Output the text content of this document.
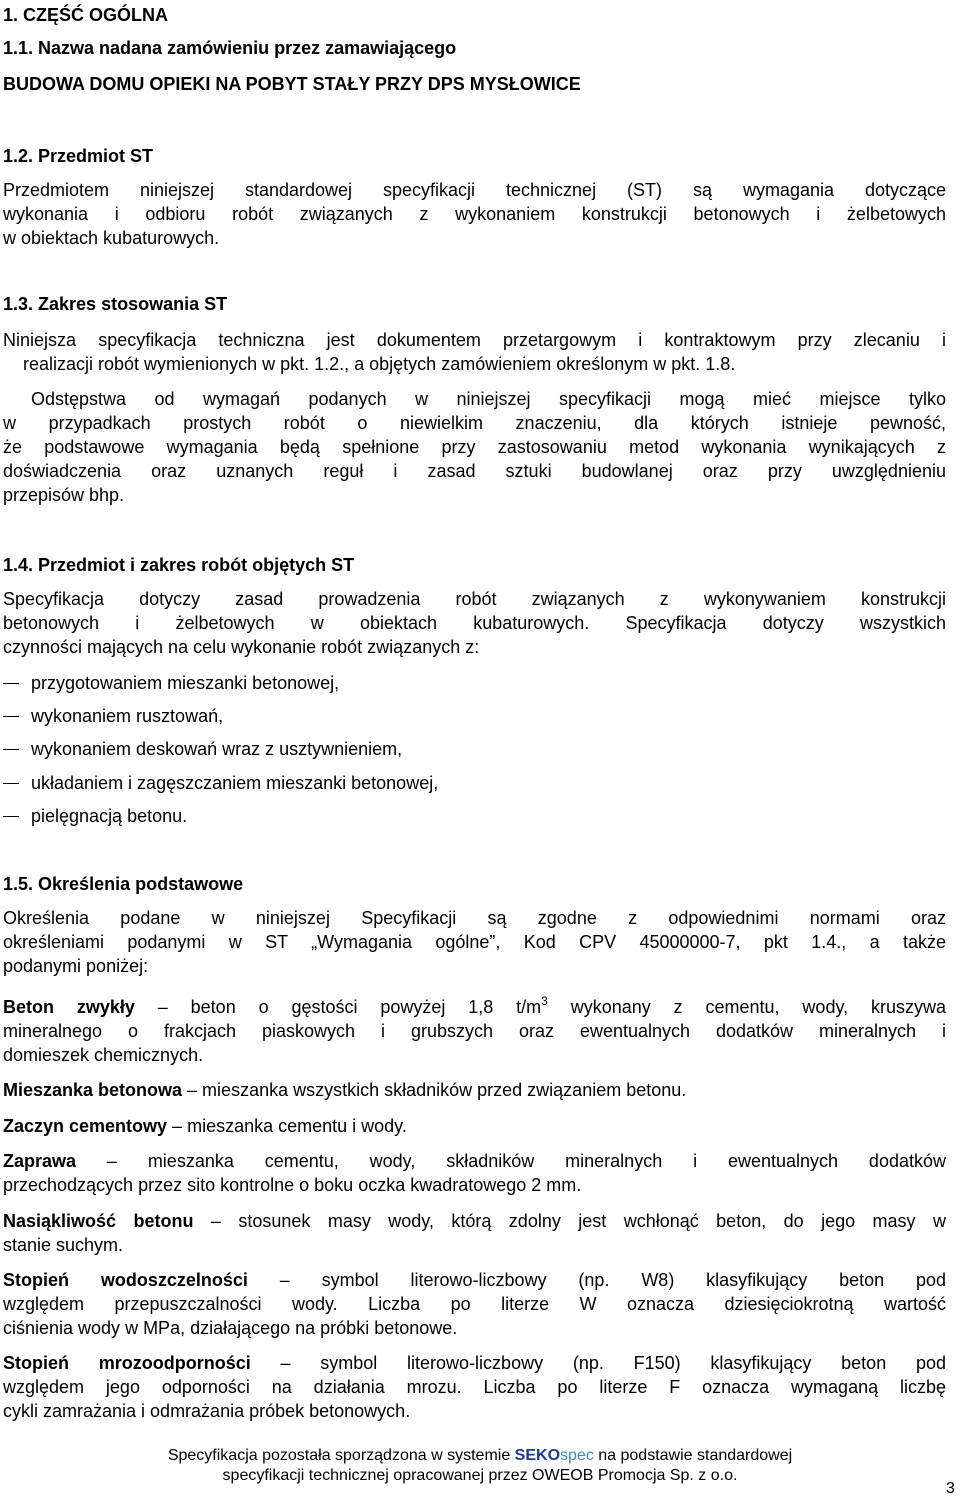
1. CZĘŚĆ OGÓLNA
1.1. Nazwa nadana zamówieniu przez zamawiającego
BUDOWA DOMU OPIEKI NA POBYT STAŁY PRZY DPS MYSŁOWICE
1.2. Przedmiot ST
Przedmiotem niniejszej standardowej specyfikacji technicznej (ST) są wymagania dotyczące
wykonania i odbioru robót związanych z wykonaniem konstrukcji betonowych i żelbetowych
w obiektach kubaturowych.
1.3. Zakres stosowania ST
Niniejsza specyfikacja techniczna jest dokumentem przetargowym i kontraktowym przy zlecaniu i
realizacji robót wymienionych w pkt. 1.2., a objętych zamówieniem określonym w pkt. 1.8.
Odstępstwa od wymagań podanych w niniejszej specyfikacji mogą mieć miejsce tylko
w przypadkach prostych robót o niewielkim znaczeniu, dla których istnieje pewność,
że podstawowe wymagania będą spełnione przy zastosowaniu metod wykonania wynikających z
doświadczenia oraz uznanych reguł i zasad sztuki budowlanej oraz przy uwzględnieniu
przepisów bhp.
1.4. Przedmiot i zakres robót objętych ST
Specyfikacja dotyczy zasad prowadzenia robót związanych z wykonywaniem konstrukcji
betonowych i żelbetowych w obiektach kubaturowych. Specyfikacja dotyczy wszystkich
czynności mających na celu wykonanie robót związanych z:
przygotowaniem mieszanki betonowej,
wykonaniem rusztowań,
wykonaniem deskowań wraz z usztywnieniem,
układaniem i zagęszczaniem mieszanki betonowej,
pielęgnacją betonu.
1.5. Określenia podstawowe
Określenia podane w niniejszej Specyfikacji są zgodne z odpowiednimi normami oraz
określeniami podanymi w ST „Wymagania ogólne”, Kod CPV 45000000-7, pkt 1.4., a także
podanymi poniżej:
Beton zwykły – beton o gęstości powyżej 1,8 $t/m^3$ wykonany z cementu, wody, kruszywa
mineralnego o frakcjach piaskowych i grubszych oraz ewentualnych dodatków mineralnych i
domieszek chemicznych.
Mieszanka betonowa – mieszanka wszystkich składników przed związaniem betonu.
Zaczyn cementowy – mieszanka cementu i wody.
Zaprawa – mieszanka cementu, wody, składników mineralnych i ewentualnych dodatków
przechodzących przez sito kontrolne o boku oczka kwadratowego 2 mm.
Nasiąkliwość betonu – stosunek masy wody, którą zdolny jest wchłonąć beton, do jego masy w
stanie suchym.
Stopień wodoszczelności – symbol literowo-liczbowy (np. W8) klasyfikujący beton pod
względem przepuszczalności wody. Liczba po literze W oznacza dziesięciokrotną wartość
ciśnienia wody w MPa, działającego na próbki betonowe.
Stopień mrozoodporności – symbol literowo-liczbowy (np. F150) klasyfikujący beton pod
względem jego odporności na działania mrozu. Liczba po literze F oznacza wymaganą liczbę
cykli zamrażania i odmrażania próbek betonowych.
Specyfikacja pozostała sporządzona w systemie SEKOspec na podstawie standardowej
specyfikacji technicznej opracowanej przez OWEOB Promocja Sp. z o.o.
3
